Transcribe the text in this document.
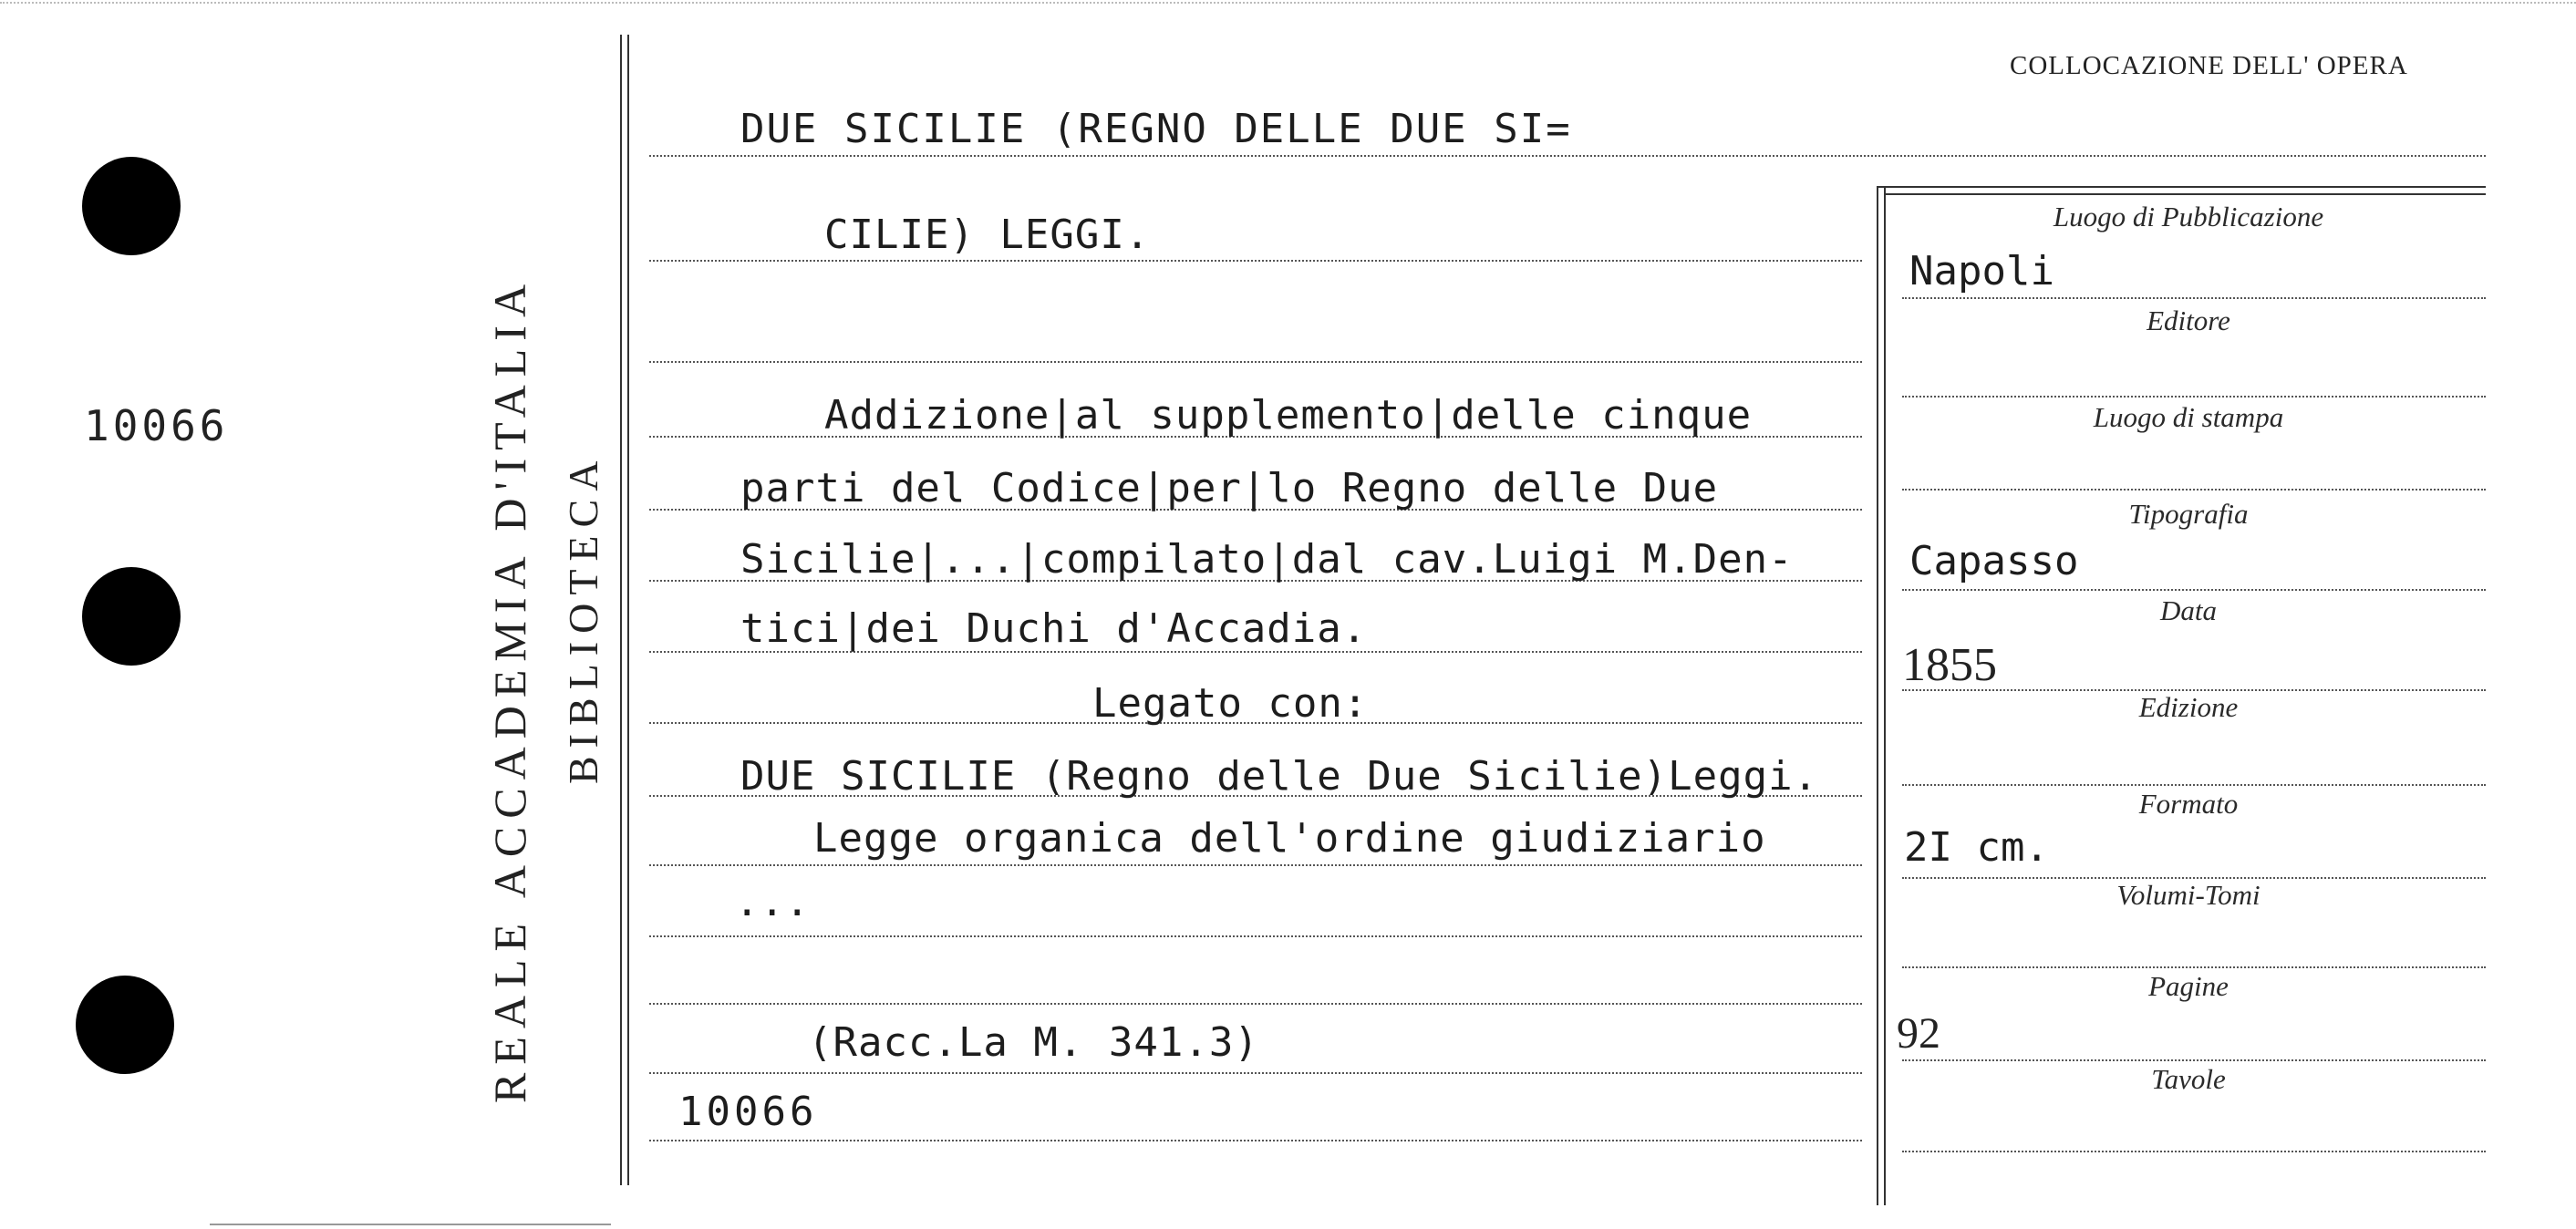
10066	REALE ACCADEMIA D'ITALIA BIBLIOTECA
COLLOCAZIONE DELL' OPERA
DUE SICILIE (REGNO DELLE DUE SI=
CILIE) LEGGI.
Addizione|al supplemento|delle cinque
parti del Codice|per|lo Regno delle Due
Sicilie|...|compilato|dal cav.Luigi M.Den-
tici|dei Duchi d'Accadia.
Legato con:
DUE SICILIE (Regno delle Due Sicilie)Leggi.
Legge organica dell'ordine giudiziario
...
(Racc.La M. 341.3)
10066
Luogo di Pubblicazione
Napoli
Editore
Luogo di stampa
Tipografia
Capasso
Data
1855
Edizione
Formato
2I cm.
Volumi-Tomi
Pagine
92
Tavole
